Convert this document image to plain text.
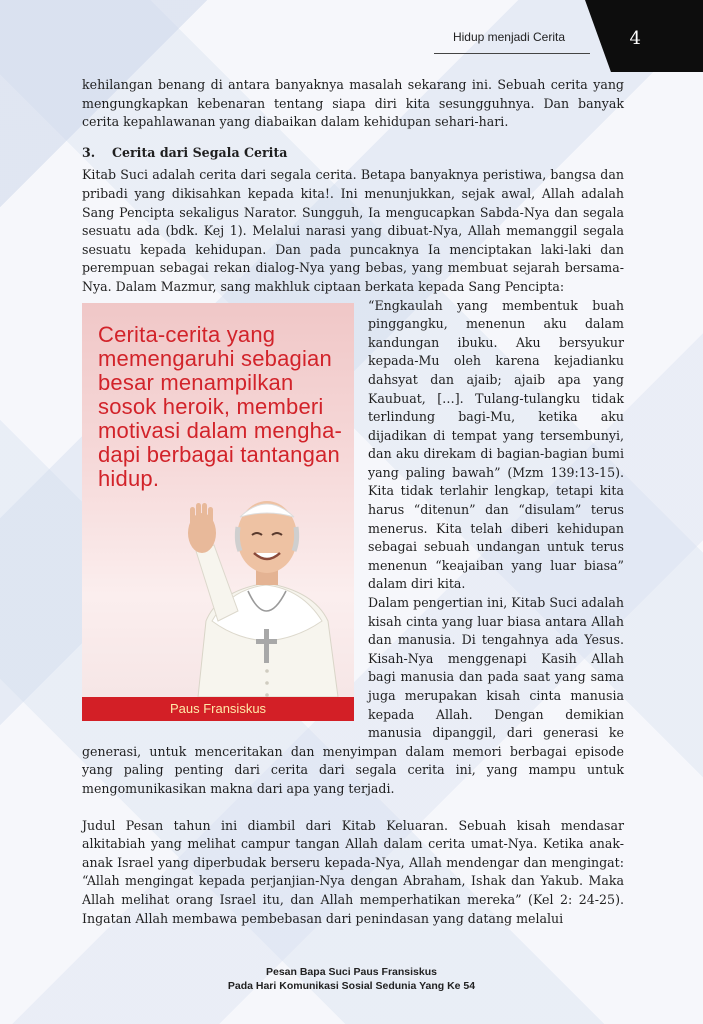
4
Hidup menjadi Cerita

kehilangan benang di antara banyaknya masalah sekarang ini. Sebuah cerita yang mengungkapkan kebenaran tentang siapa diri kita sesungguhnya. Dan banyak cerita kepahlawanan yang diabaikan dalam kehidupan sehari-hari.

3. Cerita dari Segala Cerita

Kitab Suci adalah cerita dari segala cerita. Betapa banyaknya peristiwa, bangsa dan pribadi yang dikisahkan kepada kita!. Ini menunjukkan, sejak awal, Allah adalah Sang Pencipta sekaligus Narator. Sungguh, Ia mengucapkan Sabda-Nya dan segala sesuatu ada (bdk. Kej 1). Melalui narasi yang dibuat-Nya, Allah memanggil segala sesuatu kepada kehidupan. Dan pada puncaknya Ia menciptakan laki-laki dan perempuan sebagai rekan dialog-Nya yang bebas, yang membuat sejarah bersama-Nya. Dalam Mazmur, sang makhluk ciptaan berkata kepada Sang Pencipta:

Cerita-cerita yang memengaruhi sebagian besar menampilkan sosok heroik, memberi motivasi dalam mengha-dapi berbagai tantangan hidup.

Paus Fransiskus

“Engkaulah yang membentuk buah pinggangku, menenun aku dalam kandungan ibuku. Aku bersyukur kepada-Mu oleh karena kejadianku dahsyat dan ajaib; ajaib apa yang Kaubuat, […]. Tulang-tulangku tidak terlindung bagi-Mu, ketika aku dijadikan di tempat yang tersembunyi, dan aku direkam di bagian-bagian bumi yang paling bawah” (Mzm 139:13-15). Kita tidak terlahir lengkap, tetapi kita harus “ditenun” dan “disulam” terus menerus. Kita telah diberi kehidupan sebagai sebuah undangan untuk terus menenun “keajaiban yang luar biasa” dalam diri kita.

Dalam pengertian ini, Kitab Suci adalah kisah cinta yang luar biasa antara Allah dan manusia. Di tengahnya ada Yesus. Kisah-Nya menggenapi Kasih Allah bagi manusia dan pada saat yang sama juga merupakan kisah cinta manusia kepada Allah. Dengan demikian manusia dipanggil, dari generasi ke generasi, untuk menceritakan dan menyimpan dalam memori berbagai episode yang paling penting dari cerita dari segala cerita ini, yang mampu untuk mengomunikasikan makna dari apa yang terjadi.

Judul Pesan tahun ini diambil dari Kitab Keluaran. Sebuah kisah mendasar alkitabiah yang melihat campur tangan Allah dalam cerita umat-Nya. Ketika anak-anak Israel yang diperbudak berseru kepada-Nya, Allah mendengar dan mengingat: “Allah mengingat kepada perjanjian-Nya dengan Abraham, Ishak dan Yakub. Maka Allah melihat orang Israel itu, dan Allah memperhatikan mereka” (Kel 2: 24-25). Ingatan Allah membawa pembebasan dari penindasan yang datang melalui

Pesan Bapa Suci Paus Fransiskus
Pada Hari Komunikasi Sosial Sedunia Yang Ke 54
